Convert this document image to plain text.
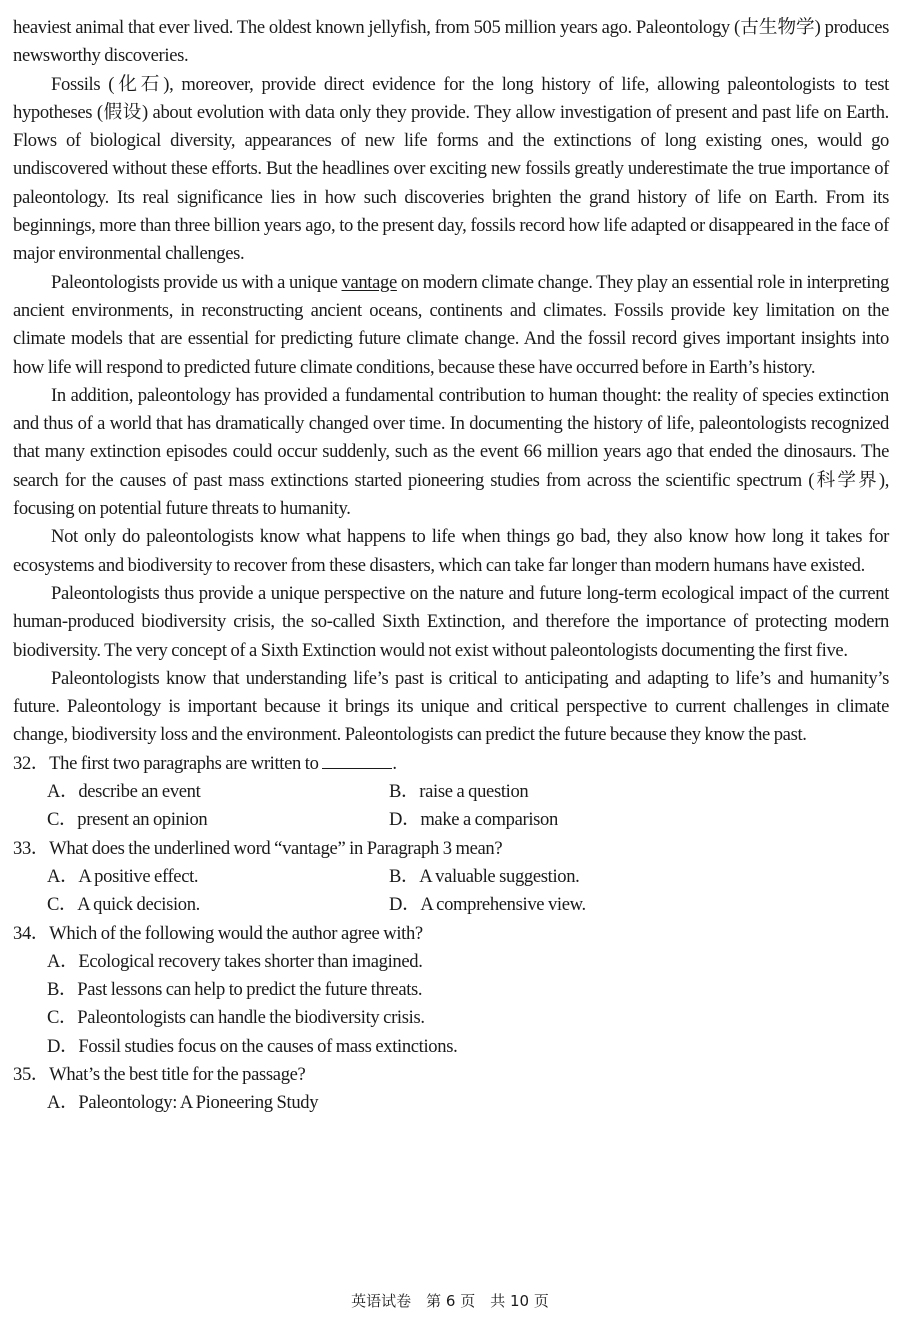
heaviest animal that ever lived. The oldest known jellyfish, from 505 million years ago. Paleontology (古生物学) produces newsworthy discoveries.

Fossils (化石), moreover, provide direct evidence for the long history of life, allowing paleontologists to test hypotheses (假设) about evolution with data only they provide. They allow investigation of present and past life on Earth. Flows of biological diversity, appearances of new life forms and the extinctions of long existing ones, would go undiscovered without these efforts. But the headlines over exciting new fossils greatly underestimate the true importance of paleontology. Its real significance lies in how such discoveries brighten the grand history of life on Earth. From its beginnings, more than three billion years ago, to the present day, fossils record how life adapted or disappeared in the face of major environmental challenges.

Paleontologists provide us with a unique vantage on modern climate change. They play an essential role in interpreting ancient environments, in reconstructing ancient oceans, continents and climates. Fossils provide key limitation on the climate models that are essential for predicting future climate change. And the fossil record gives important insights into how life will respond to predicted future climate conditions, because these have occurred before in Earth’s history.

In addition, paleontology has provided a fundamental contribution to human thought: the reality of species extinction and thus of a world that has dramatically changed over time. In documenting the history of life, paleontologists recognized that many extinction episodes could occur suddenly, such as the event 66 million years ago that ended the dinosaurs. The search for the causes of past mass extinctions started pioneering studies from across the scientific spectrum (科学界), focusing on potential future threats to humanity.

Not only do paleontologists know what happens to life when things go bad, they also know how long it takes for ecosystems and biodiversity to recover from these disasters, which can take far longer than modern humans have existed.

Paleontologists thus provide a unique perspective on the nature and future long-term ecological impact of the current human-produced biodiversity crisis, the so-called Sixth Extinction, and therefore the importance of protecting modern biodiversity. The very concept of a Sixth Extinction would not exist without paleontologists documenting the first five.

Paleontologists know that understanding life’s past is critical to anticipating and adapting to life’s and humanity’s future. Paleontology is important because it brings its unique and critical perspective to current challenges in climate change, biodiversity loss and the environment. Paleontologists can predict the future because they know the past.

32．The first two paragraphs are written to	.

A．describe an event	B．raise a question
C．present an opinion	D．make a comparison

33．What does the underlined word “vantage” in Paragraph 3 mean?

A．A positive effect.	B．A valuable suggestion.
C．A quick decision.	D．A comprehensive view.

34．Which of the following would the author agree with?

A．Ecological recovery takes shorter than imagined.
B．Past lessons can help to predict the future threats.
C．Paleontologists can handle the biodiversity crisis.
D．Fossil studies focus on the causes of mass extinctions.

35．What’s the best title for the passage?

A．Paleontology: A Pioneering Study
英语试卷　第 6 页　共 10 页
